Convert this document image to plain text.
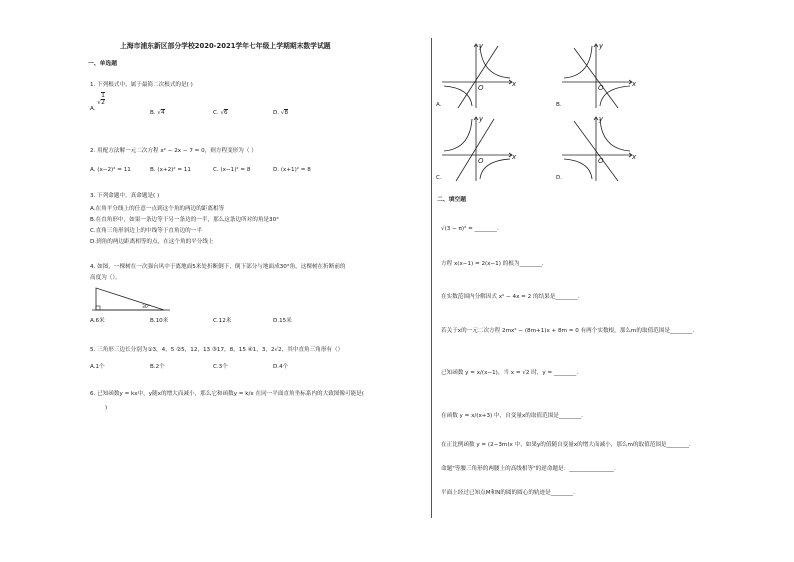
上海市浦东新区部分学校2020-2021学年七年级上学期期末数学试题
一、单选题
1. 下列根式中，属于最简二次根式的是( )
A. √ $\frac{1}{2}$
B. √4	C. √6	D. √8
2. 用配方法解一元二次方程 x² − 2x − 7 = 0，则方程变形为（ ）
A. (x−2)² = 11	B. (x+2)² = 11	C. (x−1)² = 8	D. (x+1)² = 8
3. 下列命题中，真命题是( )
A.在角平分线上的任意一点到这个角的两边的距离相等
B.在直角形中，如果一条边等于另一条边的一半，那么这条边所对的角是30°
C.直角三角形斜边上的中线等于直角边的一半
D.到角的两边距离相等的点，在这个角的平分线上
4. 如图，一棵树在一次强台风中于离地面5米处折断倒下，倒下部分与地面成30°角，这棵树在折断前的
高度为（）。
30°
A.6米	B.10米	C.12米	D.15米
5. 三角形三边长分别为①3，4，5 ②5，12，13 ③17，8，15 ④1，3，2√2，其中直角三角形有（）
A.1个	B.2个	C.3个	D.4个
6. 已知函数y = kx中，y随x的增大而减小，那么它和函数y = k/x 在同一平面直角坐标系内的大致图像可能是(
)
A.
x
y
O
B.
x
y
O
C.
x
y
O
D.
x
y
O
二、填空题
√(3 − π)² = ________.
方程 x(x−1) = 2(x−1) 的根为________.
在实数范围内分解因式 x² − 4x = 2 的结果是________.
若关于x的一元二次方程 2mx² − (8m+1)x + 8m = 0 有两个实数根，那么m的取值范围是________.
已知函数 y = x/(x−1)，当 x = √2 时，y = ________.
在函数 y = x/(x+3) 中，自变量x的取值范围是________.
在正比例函数 y = (2−3m)x 中，如果y的值随自变量x的增大而减小，那么m的取值范围是________.
命题"等腰三角形的两腰上的高线相等"的逆命题是：________________.
平面上经过已知点M和N的圆的圆心的轨迹是________.
